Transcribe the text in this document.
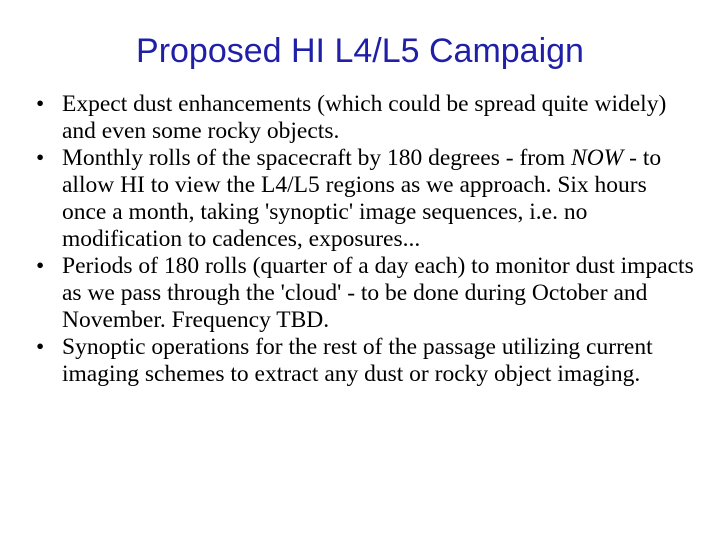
Proposed HI L4/L5 Campaign
• Expect dust enhancements (which could be spread quite widely) and even some rocky objects.
• Monthly rolls of the spacecraft by 180 degrees - from NOW - to allow HI to view the L4/L5 regions as we approach. Six hours once a month, taking 'synoptic' image sequences, i.e. no modification to cadences, exposures...
• Periods of 180 rolls (quarter of a day each) to monitor dust impacts as we pass through the 'cloud' - to be done during October and November. Frequency TBD.
• Synoptic operations for the rest of the passage utilizing current imaging schemes to extract any dust or rocky object imaging.
